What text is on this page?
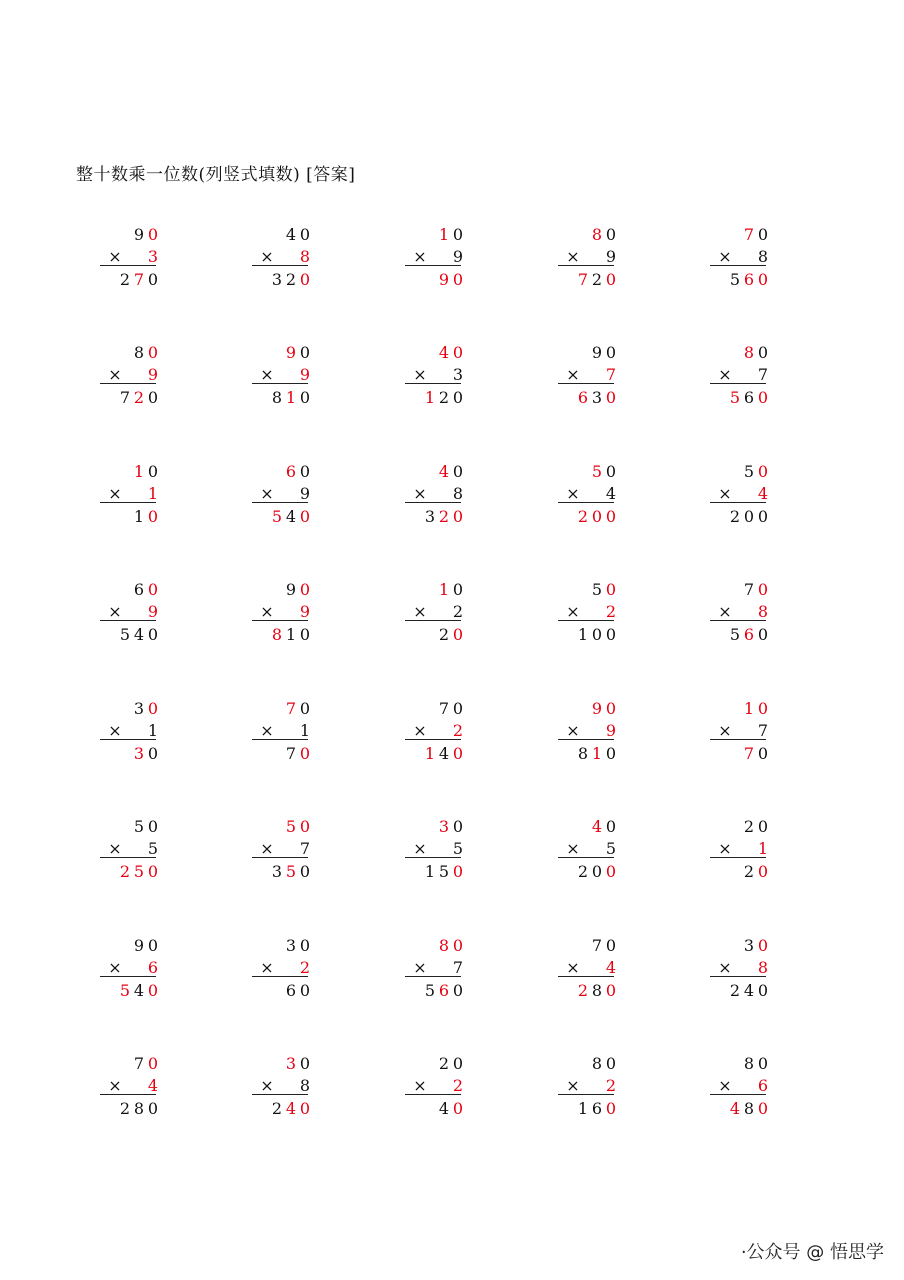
整十数乘一位数(列竖式填数) [答案]
9 0
× 3
2 7 0
4 0
× 8
3 2 0
1 0
× 9
9 0
8 0
× 9
7 2 0
7 0
× 8
5 6 0
8 0
× 9
7 2 0
9 0
× 9
8 1 0
4 0
× 3
1 2 0
9 0
× 7
6 3 0
8 0
× 7
5 6 0
1 0
× 1
1 0
6 0
× 9
5 4 0
4 0
× 8
3 2 0
5 0
× 4
2 0 0
5 0
× 4
2 0 0
6 0
× 9
5 4 0
9 0
× 9
8 1 0
1 0
× 2
2 0
5 0
× 2
1 0 0
7 0
× 8
5 6 0
3 0
× 1
3 0
7 0
× 1
7 0
7 0
× 2
1 4 0
9 0
× 9
8 1 0
1 0
× 7
7 0
5 0
× 5
2 5 0
5 0
× 7
3 5 0
3 0
× 5
1 5 0
4 0
× 5
2 0 0
2 0
× 1
2 0
9 0
× 6
5 4 0
3 0
× 2
6 0
8 0
× 7
5 6 0
7 0
× 4
2 8 0
3 0
× 8
2 4 0
7 0
× 4
2 8 0
3 0
× 8
2 4 0
2 0
× 2
4 0
8 0
× 2
1 6 0
8 0
× 6
4 8 0
·公众号 @ 悟思学
